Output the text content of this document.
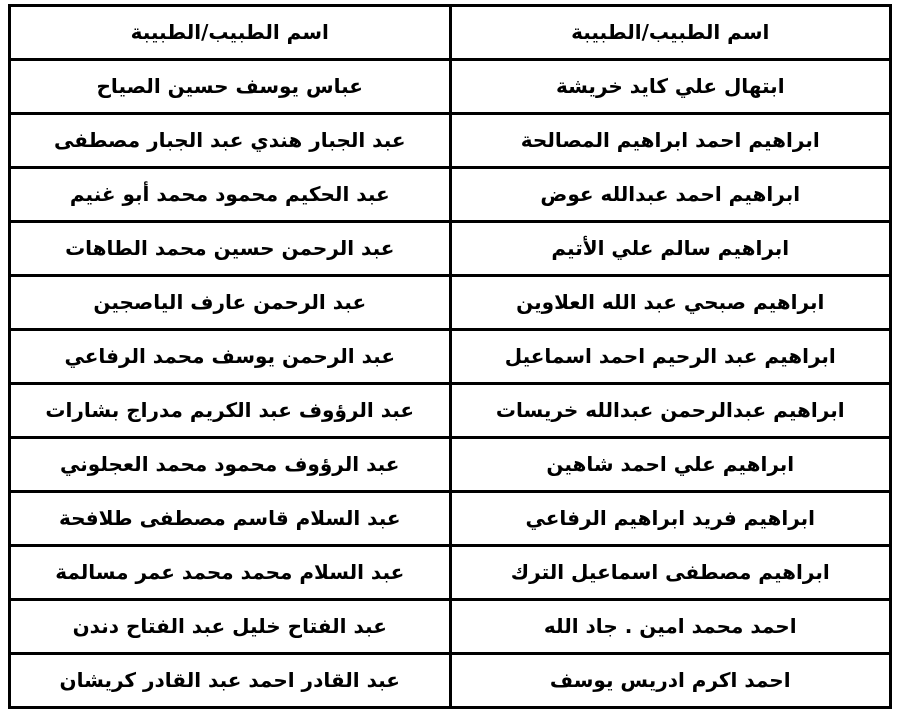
اسم الطبيب/الطبيبة	اسم الطبيب/الطبيبة

ابتهال علي كايد خريشة	عباس يوسف حسين الصياح

ابراهيم احمد ابراهيم المصالحة	عبد الجبار هندي عبد الجبار مصطفى

ابراهيم احمد عبدالله عوض	عبد الحكيم محمود محمد أبو غنيم

ابراهيم سالم علي الأتيم	عبد الرحمن حسين محمد الطاهات

ابراهيم صبحي عبد الله العلاوين	عبد الرحمن عارف الياصجين

ابراهيم عبد الرحيم احمد اسماعيل	عبد الرحمن يوسف محمد الرفاعي

ابراهيم عبدالرحمن عبدالله خريسات	عبد الرؤوف عبد الكريم مدراج بشارات

ابراهيم علي احمد شاهين	عبد الرؤوف محمود محمد العجلوني

ابراهيم فريد ابراهيم الرفاعي	عبد السلام قاسم مصطفى طلافحة

ابراهيم مصطفى اسماعيل الترك	عبد السلام محمد محمد عمر مسالمة

احمد محمد امين . جاد الله	عبد الفتاح خليل عبد الفتاح دندن

احمد اكرم ادريس يوسف	عبد القادر احمد عبد القادر كريشان
